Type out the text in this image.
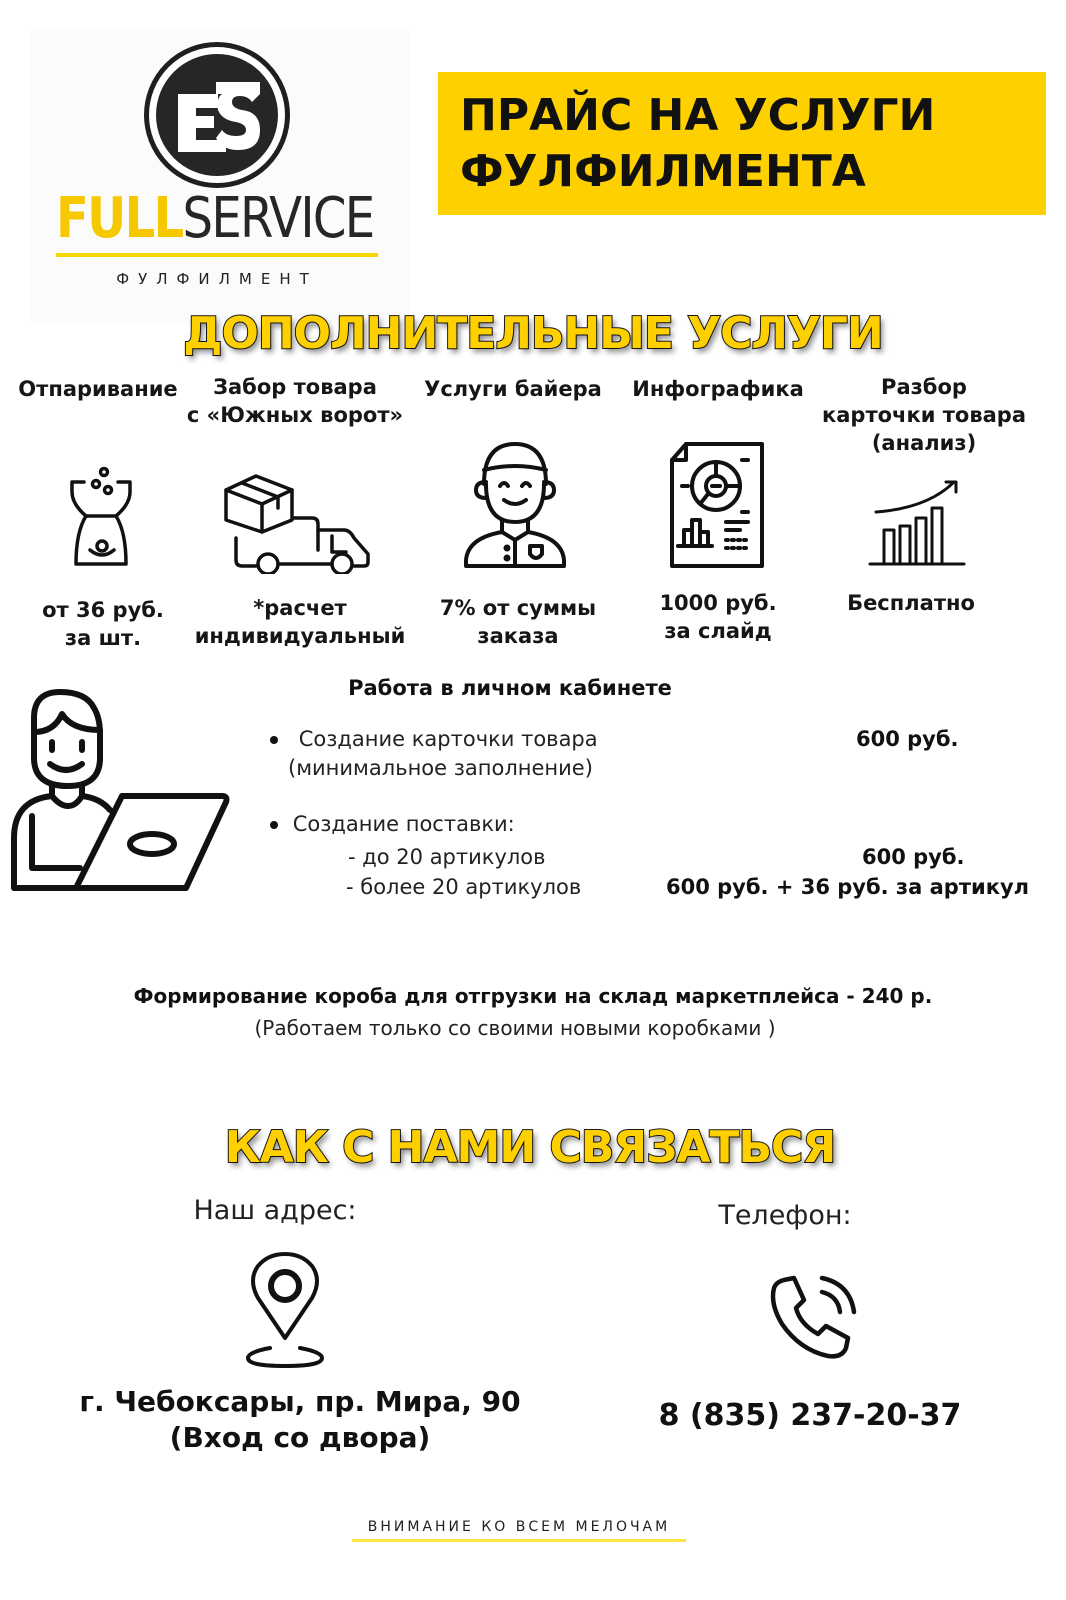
FULLSERVICE
ФУЛФИЛМЕНТ
ПРАЙС НА УСЛУГИ
ФУЛФИЛМЕНТА
ДОПОЛНИТЕЛЬНЫЕ УСЛУГИ
Отпаривание
от 36 руб.
за шт.
Забор товара
с «Южных ворот»
*расчет
индивидуальный
Услуги байера
7% от суммы
заказа
Инфографика
1000 руб.
за слайд
Разбор
карточки товара
(анализ)
Бесплатно
Работа в личном кабинете
Создание карточки товара
(минимальное заполнение)
600 руб.
Создание поставки:
- до 20 артикулов	600 руб.
- более 20 артикулов	600 руб. + 36 руб. за артикул
Формирование короба для отгрузки на склад маркетплейса - 240 р.
(Работаем только со своими новыми коробками )
КАК С НАМИ СВЯЗАТЬСЯ
Наш адрес:
г. Чебоксары, пр. Мира, 90
(Вход со двора)
Телефон:
8 (835) 237-20-37
ВНИМАНИЕ КО ВСЕМ МЕЛОЧАМ
